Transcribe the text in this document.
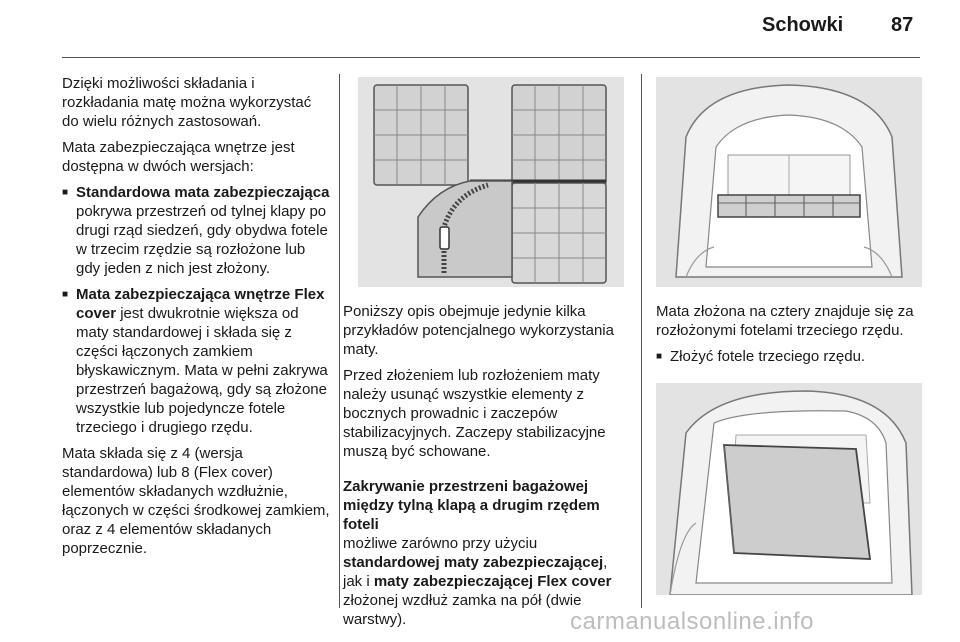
Schowki 87

Dzięki możliwości składania i rozkładania matę można wykorzystać do wielu różnych zastosowań.

Mata zabezpieczająca wnętrze jest dostępna w dwóch wersjach:

■ Standardowa mata zabezpieczająca pokrywa przestrzeń od tylnej klapy po drugi rząd siedzeń, gdy obydwa fotele w trzecim rzędzie są rozłożone lub gdy jeden z nich jest złożony.
■ Mata zabezpieczająca wnętrze Flex cover jest dwukrotnie większa od maty standardowej i składa się z części łączonych zamkiem błyskawicznym. Mata w pełni zakrywa przestrzeń bagażową, gdy są złożone wszystkie lub pojedyncze fotele trzeciego i drugiego rzędu.

Mata składa się z 4 (wersja standardowa) lub 8 (Flex cover) elementów składanych wzdłużnie, łączonych w części środkowej zamkiem, oraz z 4 elementów składanych poprzecznie.

Poniższy opis obejmuje jedynie kilka przykładów potencjalnego wykorzystania maty.

Przed złożeniem lub rozłożeniem maty należy usunąć wszystkie elementy z bocznych prowadnic i zaczepów stabilizacyjnych. Zaczepy stabilizacyjne muszą być schowane.

Zakrywanie przestrzeni bagażowej między tylną klapą a drugim rzędem foteli

możliwe zarówno przy użyciu standardowej maty zabezpieczającej, jak i maty zabezpieczającej Flex cover złożonej wzdłuż zamka na pół (dwie warstwy).

Mata złożona na cztery znajduje się za rozłożonymi fotelami trzeciego rzędu.

■ Złożyć fotele trzeciego rzędu.
carmanualsonline.info
